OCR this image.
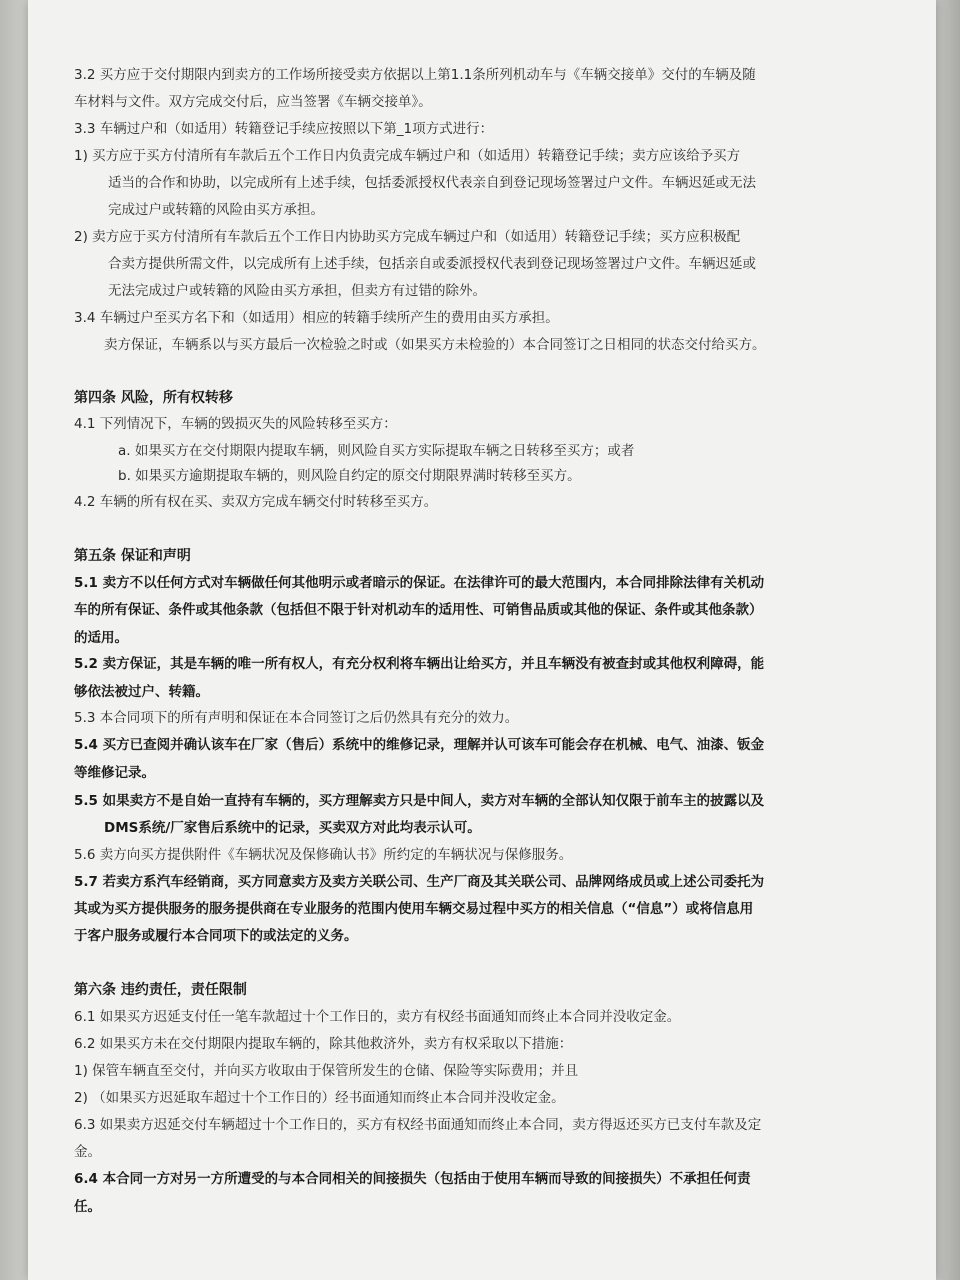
3.2 买方应于交付期限内到卖方的工作场所接受卖方依据以上第1.1条所列机动车与《车辆交接单》交付的车辆及随
车材料与文件。双方完成交付后，应当签署《车辆交接单》。
3.3 车辆过户和（如适用）转籍登记手续应按照以下第_1项方式进行：
1) 买方应于买方付清所有车款后五个工作日内负责完成车辆过户和（如适用）转籍登记手续；卖方应该给予买方
适当的合作和协助，以完成所有上述手续，包括委派授权代表亲自到登记现场签署过户文件。车辆迟延或无法
完成过户或转籍的风险由买方承担。
2) 卖方应于买方付清所有车款后五个工作日内协助买方完成车辆过户和（如适用）转籍登记手续；买方应积极配
合卖方提供所需文件，以完成所有上述手续，包括亲自或委派授权代表到登记现场签署过户文件。车辆迟延或
无法完成过户或转籍的风险由买方承担，但卖方有过错的除外。
3.4 车辆过户至买方名下和（如适用）相应的转籍手续所产生的费用由买方承担。
卖方保证，车辆系以与买方最后一次检验之时或（如果买方未检验的）本合同签订之日相同的状态交付给买方。
第四条 风险，所有权转移
4.1 下列情况下，车辆的毁损灭失的风险转移至买方：
a. 如果买方在交付期限内提取车辆，则风险自买方实际提取车辆之日转移至买方；或者
b. 如果买方逾期提取车辆的，则风险自约定的原交付期限界满时转移至买方。
4.2 车辆的所有权在买、卖双方完成车辆交付时转移至买方。
第五条 保证和声明
5.1 卖方不以任何方式对车辆做任何其他明示或者暗示的保证。在法律许可的最大范围内，本合同排除法律有关机动
车的所有保证、条件或其他条款（包括但不限于针对机动车的适用性、可销售品质或其他的保证、条件或其他条款）
的适用。
5.2 卖方保证，其是车辆的唯一所有权人，有充分权利将车辆出让给买方，并且车辆没有被查封或其他权利障碍，能
够依法被过户、转籍。
5.3 本合同项下的所有声明和保证在本合同签订之后仍然具有充分的效力。
5.4 买方已查阅并确认该车在厂家（售后）系统中的维修记录，理解并认可该车可能会存在机械、电气、油漆、钣金
等维修记录。
5.5 如果卖方不是自始一直持有车辆的，买方理解卖方只是中间人，卖方对车辆的全部认知仅限于前车主的披露以及
DMS系统/厂家售后系统中的记录，买卖双方对此均表示认可。
5.6 卖方向买方提供附件《车辆状况及保修确认书》所约定的车辆状况与保修服务。
5.7 若卖方系汽车经销商，买方同意卖方及卖方关联公司、生产厂商及其关联公司、品牌网络成员或上述公司委托为
其或为买方提供服务的服务提供商在专业服务的范围内使用车辆交易过程中买方的相关信息（“信息”）或将信息用
于客户服务或履行本合同项下的或法定的义务。
第六条 违约责任，责任限制
6.1 如果买方迟延支付任一笔车款超过十个工作日的，卖方有权经书面通知而终止本合同并没收定金。
6.2 如果买方未在交付期限内提取车辆的，除其他救济外，卖方有权采取以下措施：
1) 保管车辆直至交付，并向买方收取由于保管所发生的仓储、保险等实际费用；并且
2) （如果买方迟延取车超过十个工作日的）经书面通知而终止本合同并没收定金。
6.3 如果卖方迟延交付车辆超过十个工作日的，买方有权经书面通知而终止本合同，卖方得返还买方已支付车款及定
金。
6.4 本合同一方对另一方所遭受的与本合同相关的间接损失（包括由于使用车辆而导致的间接损失）不承担任何责
任。
